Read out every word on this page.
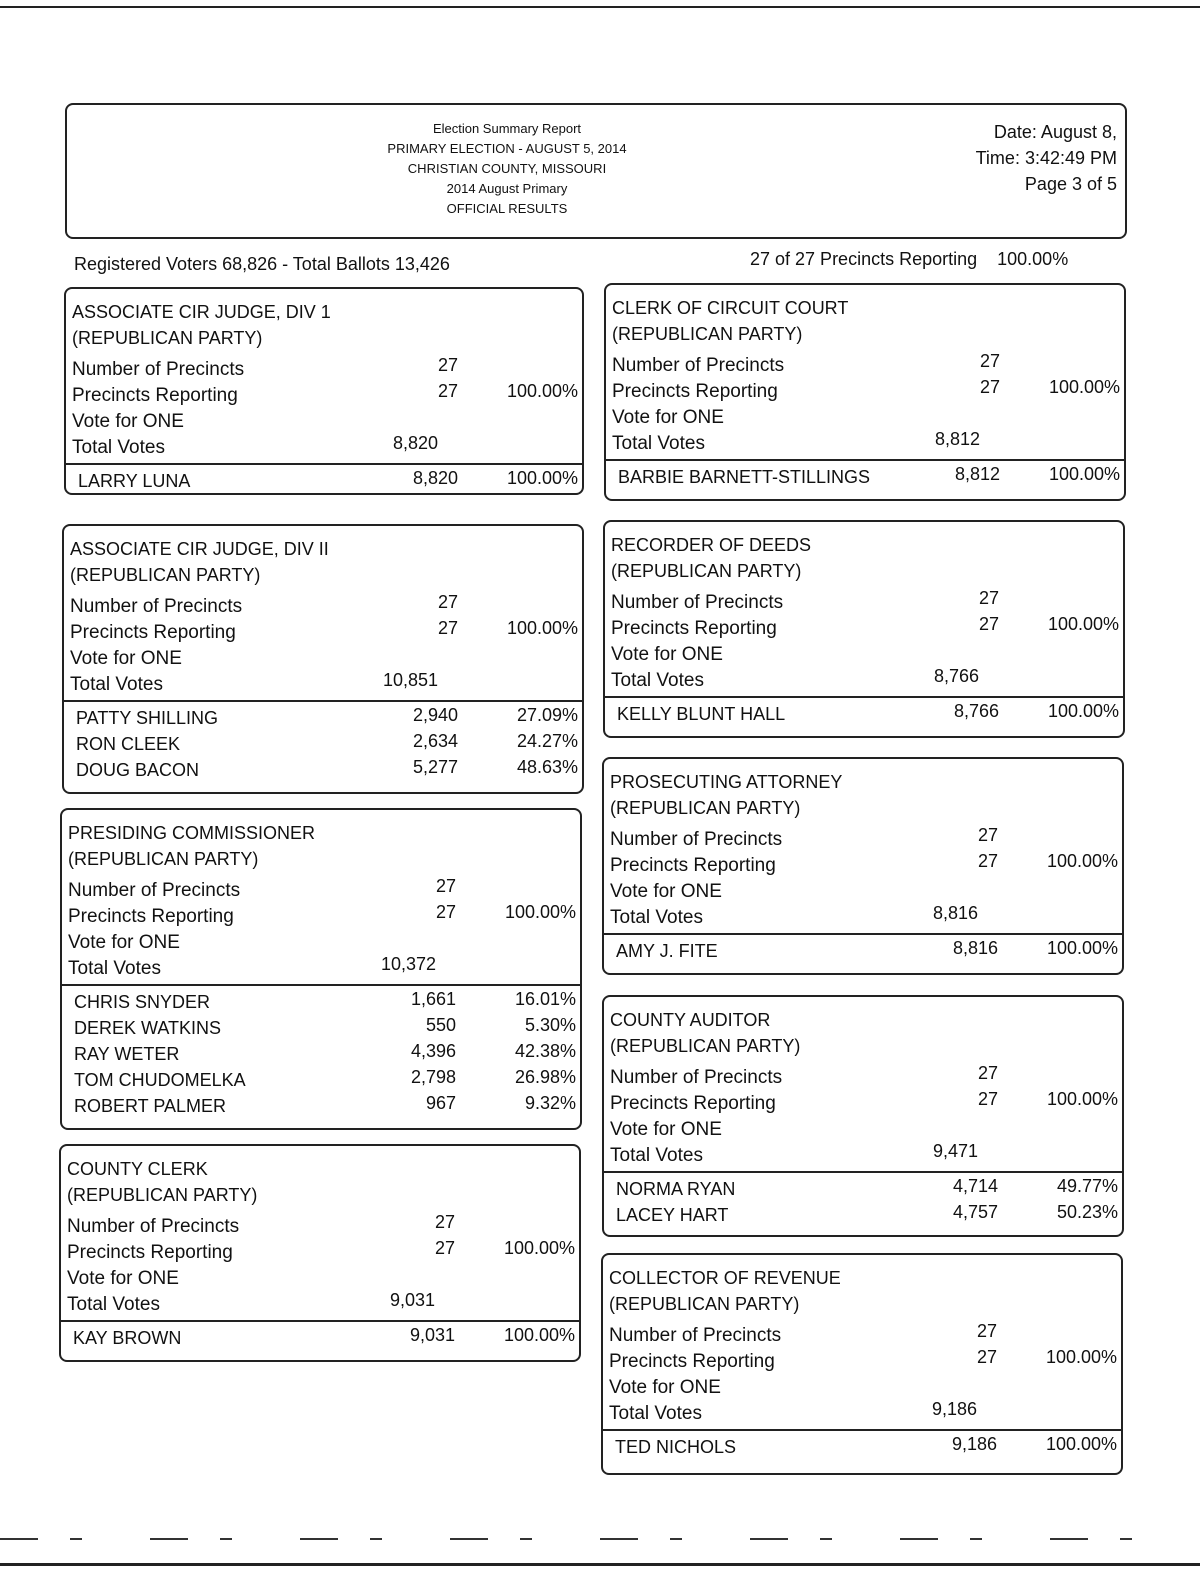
Election Summary Report
PRIMARY ELECTION - AUGUST 5, 2014
CHRISTIAN COUNTY, MISSOURI
2014 August Primary
OFFICIAL RESULTS
Date: August 8,
Time: 3:42:49 PM
Page 3 of 5
Registered Voters 68,826 - Total Ballots 13,426	27 of 27 Precincts Reporting 100.00%
ASSOCIATE CIR JUDGE, DIV 1
(REPUBLICAN PARTY)
Number of Precincts	27
Precincts Reporting	27	100.00%
Vote for ONE
Total Votes	8,820
LARRY LUNA	8,820	100.00%
ASSOCIATE CIR JUDGE, DIV II
(REPUBLICAN PARTY)
Number of Precincts	27
Precincts Reporting	27	100.00%
Vote for ONE
Total Votes	10,851
PATTY SHILLING	2,940	27.09%
RON CLEEK	2,634	24.27%
DOUG BACON	5,277	48.63%
PRESIDING COMMISSIONER
(REPUBLICAN PARTY)
Number of Precincts	27
Precincts Reporting	27	100.00%
Vote for ONE
Total Votes	10,372
CHRIS SNYDER	1,661	16.01%
DEREK WATKINS	550	5.30%
RAY WETER	4,396	42.38%
TOM CHUDOMELKA	2,798	26.98%
ROBERT PALMER	967	9.32%
COUNTY CLERK
(REPUBLICAN PARTY)
Number of Precincts	27
Precincts Reporting	27	100.00%
Vote for ONE
Total Votes	9,031
KAY BROWN	9,031	100.00%
CLERK OF CIRCUIT COURT
(REPUBLICAN PARTY)
Number of Precincts	27
Precincts Reporting	27	100.00%
Vote for ONE
Total Votes	8,812
BARBIE BARNETT-STILLINGS	8,812	100.00%
RECORDER OF DEEDS
(REPUBLICAN PARTY)
Number of Precincts	27
Precincts Reporting	27	100.00%
Vote for ONE
Total Votes	8,766
KELLY BLUNT HALL	8,766	100.00%
PROSECUTING ATTORNEY
(REPUBLICAN PARTY)
Number of Precincts	27
Precincts Reporting	27	100.00%
Vote for ONE
Total Votes	8,816
AMY J. FITE	8,816	100.00%
COUNTY AUDITOR
(REPUBLICAN PARTY)
Number of Precincts	27
Precincts Reporting	27	100.00%
Vote for ONE
Total Votes	9,471
NORMA RYAN	4,714	49.77%
LACEY HART	4,757	50.23%
COLLECTOR OF REVENUE
(REPUBLICAN PARTY)
Number of Precincts	27
Precincts Reporting	27	100.00%
Vote for ONE
Total Votes	9,186
TED NICHOLS	9,186	100.00%
